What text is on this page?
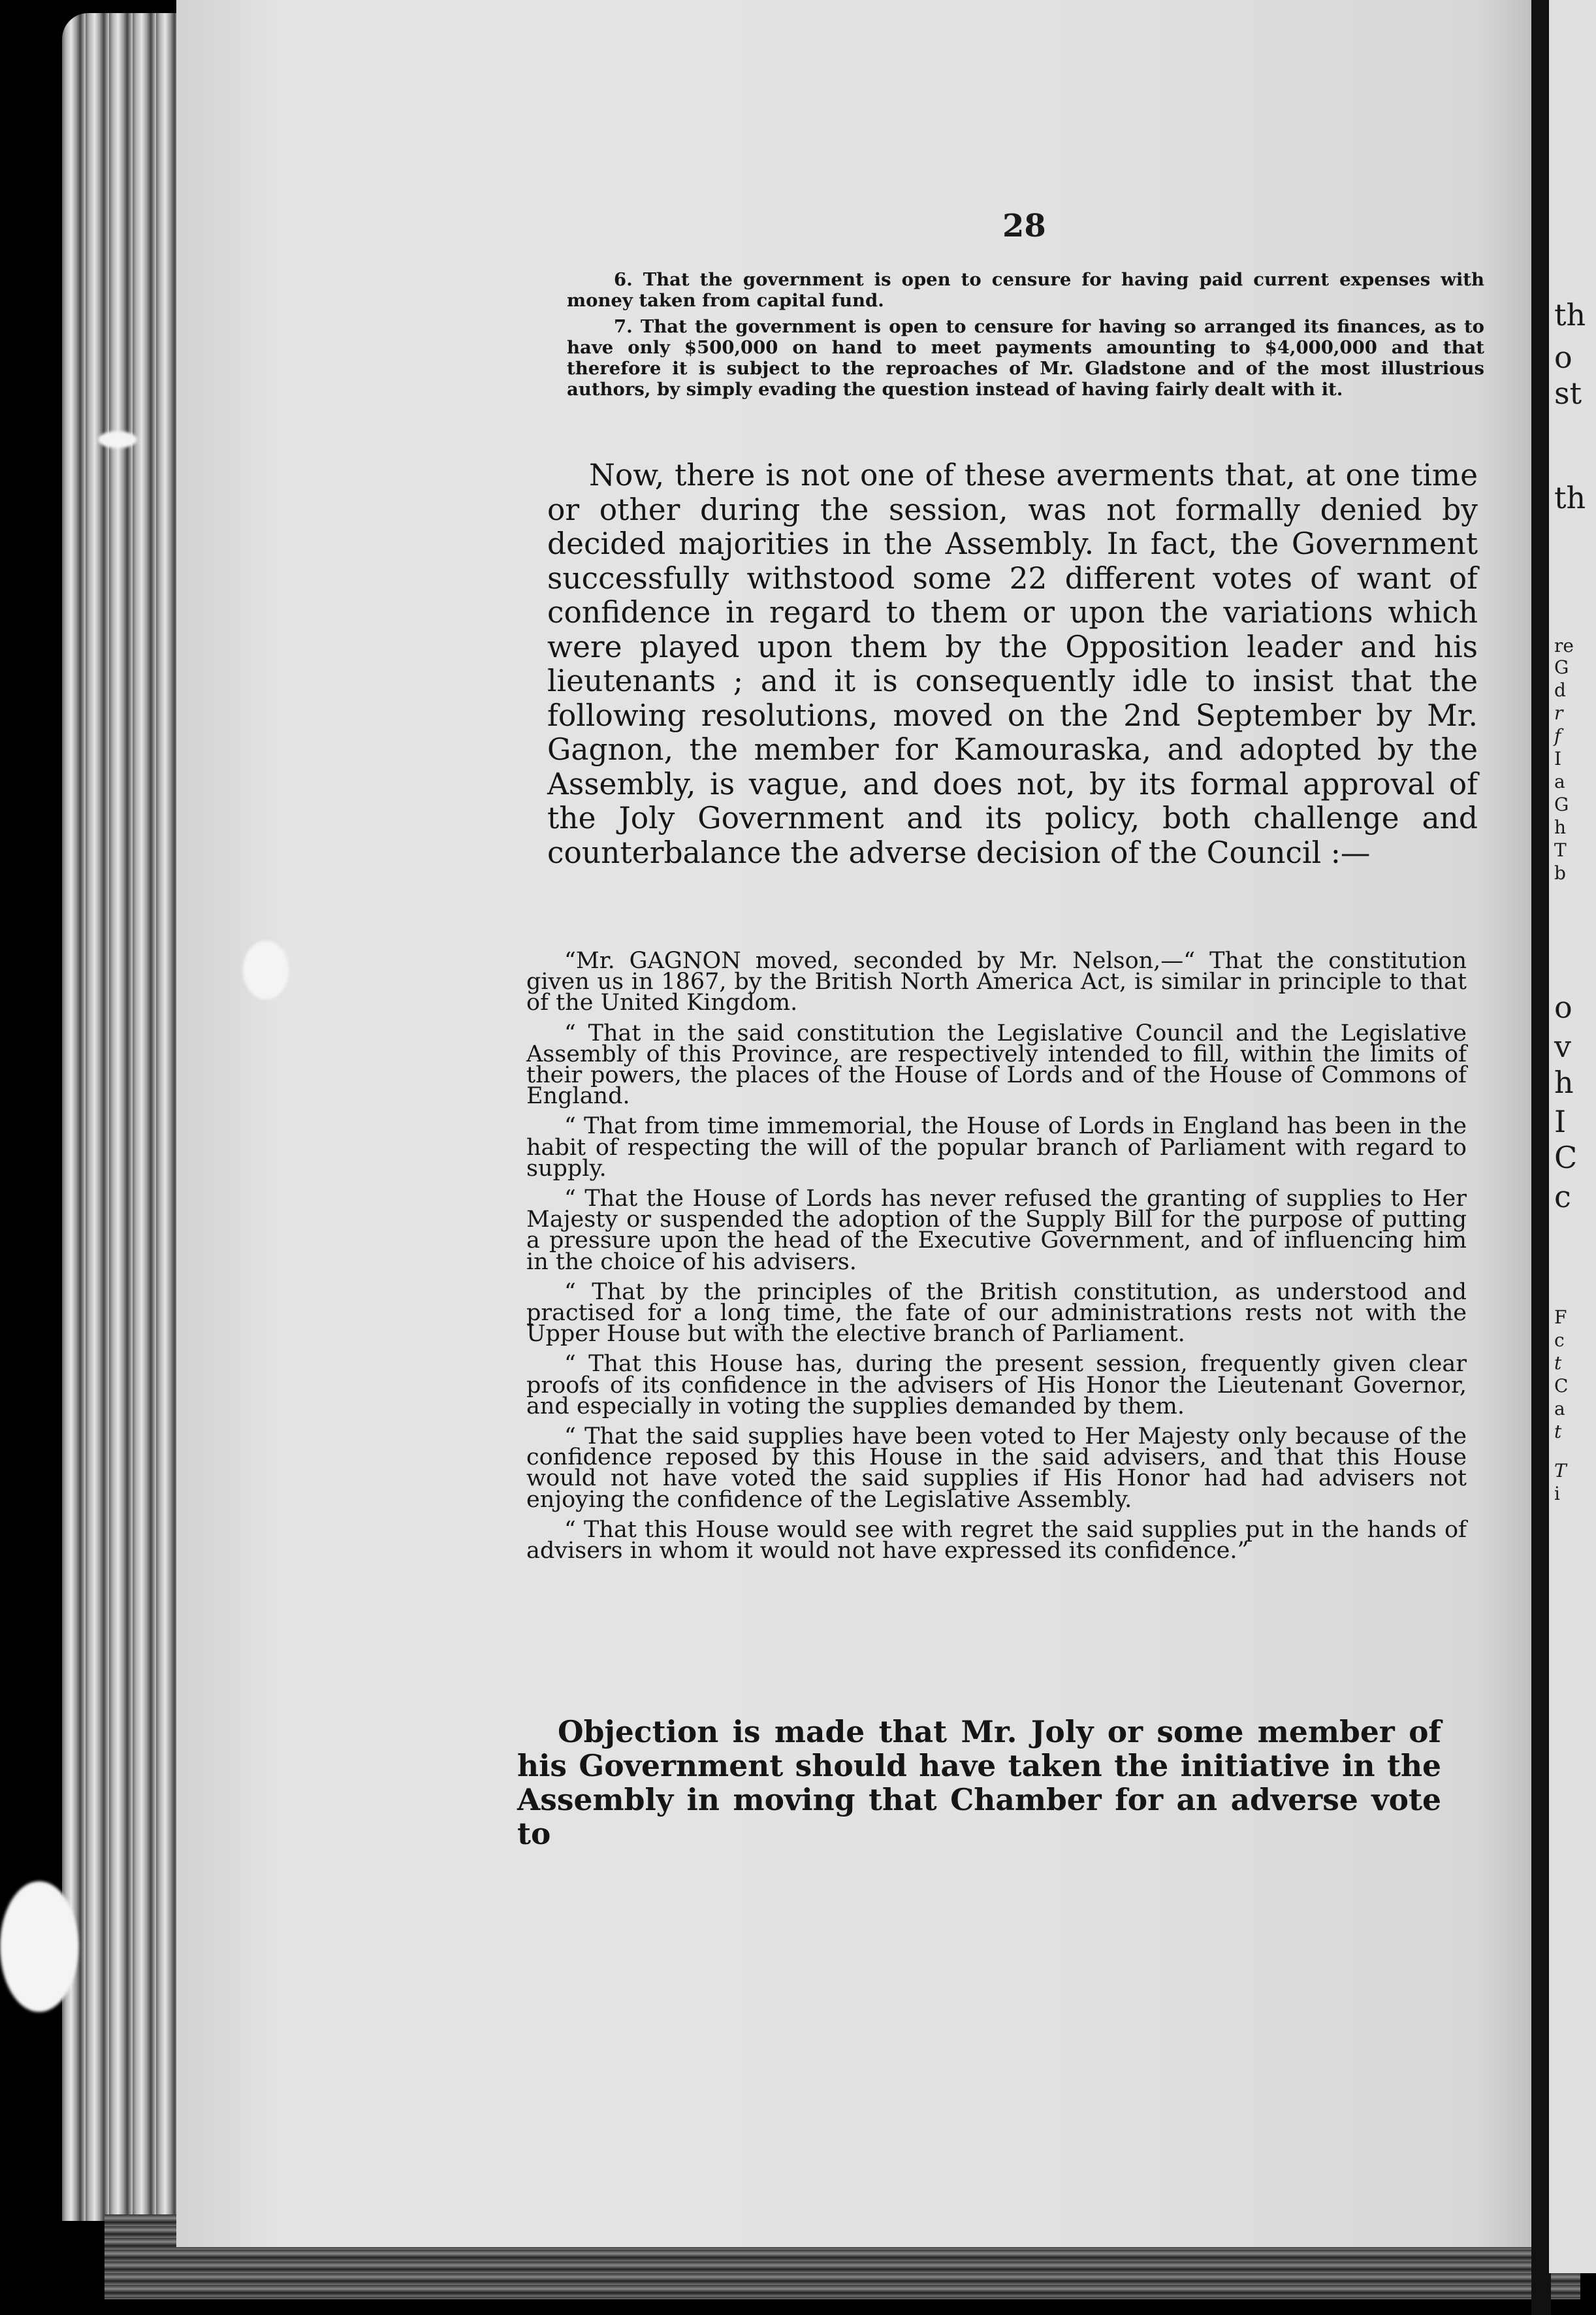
28

6. That the government is open to censure for having paid current expenses with money taken from capital fund.

7. That the government is open to censure for having so arranged its finances, as to have only $500,000 on hand to meet payments amounting to $4,000,000 and that therefore it is subject to the reproaches of Mr. Gladstone and of the most illustrious authors, by simply evading the question instead of having fairly dealt with it.

Now, there is not one of these averments that, at one time or other during the session, was not formally denied by decided majorities in the Assembly. In fact, the Government successfully withstood some 22 different votes of want of confidence in regard to them or upon the variations which were played upon them by the Opposition leader and his lieutenants ; and it is consequently idle to insist that the following resolutions, moved on the 2nd September by Mr. Gagnon, the member for Kamouraska, and adopted by the Assembly, is vague, and does not, by its formal approval of the Joly Government and its policy, both challenge and counterbalance the adverse decision of the Council :—

“Mr. GAGNON moved, seconded by Mr. Nelson,—“ That the constitution given us in 1867, by the British North America Act, is similar in principle to that of the United Kingdom.

“ That in the said constitution the Legislative Council and the Legislative Assembly of this Province, are respectively intended to fill, within the limits of their powers, the places of the House of Lords and of the House of Commons of England.

“ That from time immemorial, the House of Lords in England has been in the habit of respecting the will of the popular branch of Parliament with regard to supply.

“ That the House of Lords has never refused the granting of supplies to Her Majesty or suspended the adoption of the Supply Bill for the purpose of putting a pressure upon the head of the Executive Government, and of influencing him in the choice of his advisers.

“ That by the principles of the British constitution, as understood and practised for a long time, the fate of our administrations rests not with the Upper House but with the elective branch of Parliament.

“ That this House has, during the present session, frequently given clear proofs of its confidence in the advisers of His Honor the Lieutenant Governor, and especially in voting the supplies demanded by them.

“ That the said supplies have been voted to Her Majesty only because of the confidence reposed by this House in the said advisers, and that this House would not have voted the said supplies if His Honor had had advisers not enjoying the confidence of the Legislative Assembly.

“ That this House would see with regret the said supplies put in the hands of advisers in whom it would not have expressed its confidence.”

Objection is made that Mr. Joly or some member of his Government should have taken the initiative in the Assembly in moving that Chamber for an adverse vote to

th
o
st
th
re
G
d
r
f
I
a
G
h
T
b
o
v
h
I
C
c
F
c
t
C
a
t
T
i
